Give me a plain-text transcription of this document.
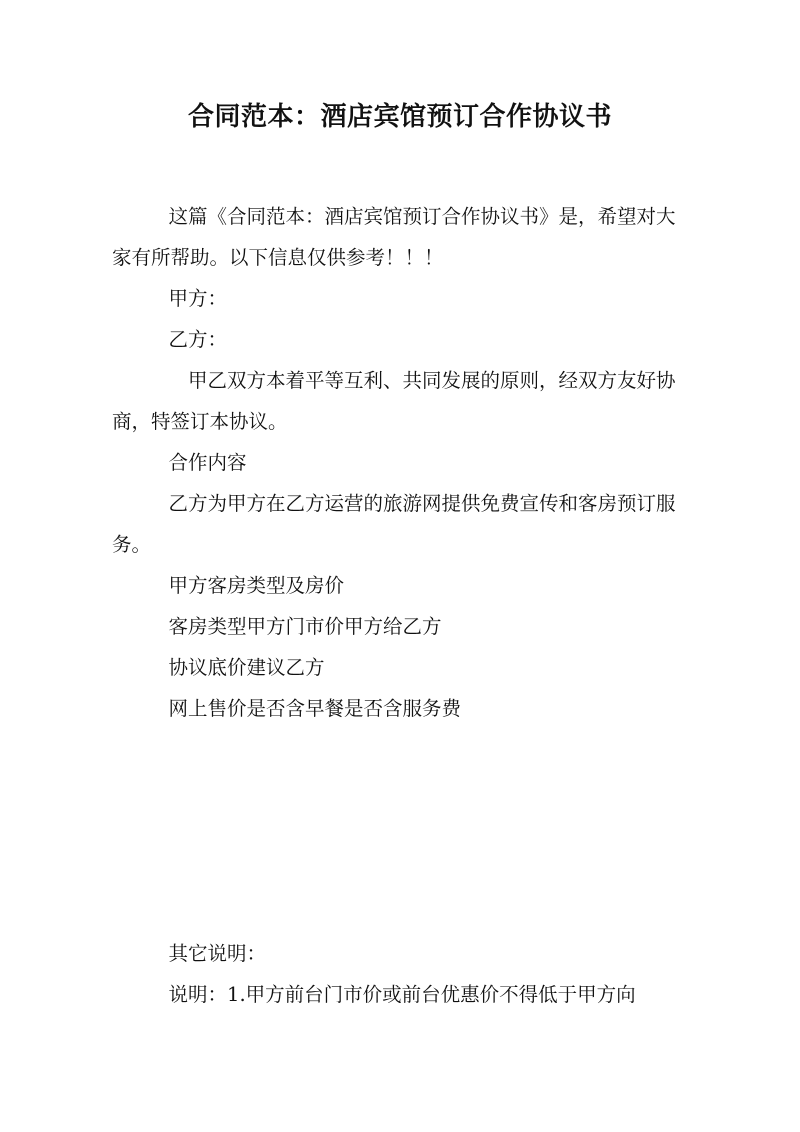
合同范本：酒店宾馆预订合作协议书

这篇《合同范本：酒店宾馆预订合作协议书》是，希望对大家有所帮助。以下信息仅供参考！！！

甲方：

乙方：

甲乙双方本着平等互利、共同发展的原则，经双方友好协商，特签订本协议。

合作内容

乙方为甲方在乙方运营的旅游网提供免费宣传和客房预订服务。

甲方客房类型及房价

客房类型甲方门市价甲方给乙方

协议底价建议乙方

网上售价是否含早餐是否含服务费

其它说明：

说明：1.甲方前台门市价或前台优惠价不得低于甲方向
